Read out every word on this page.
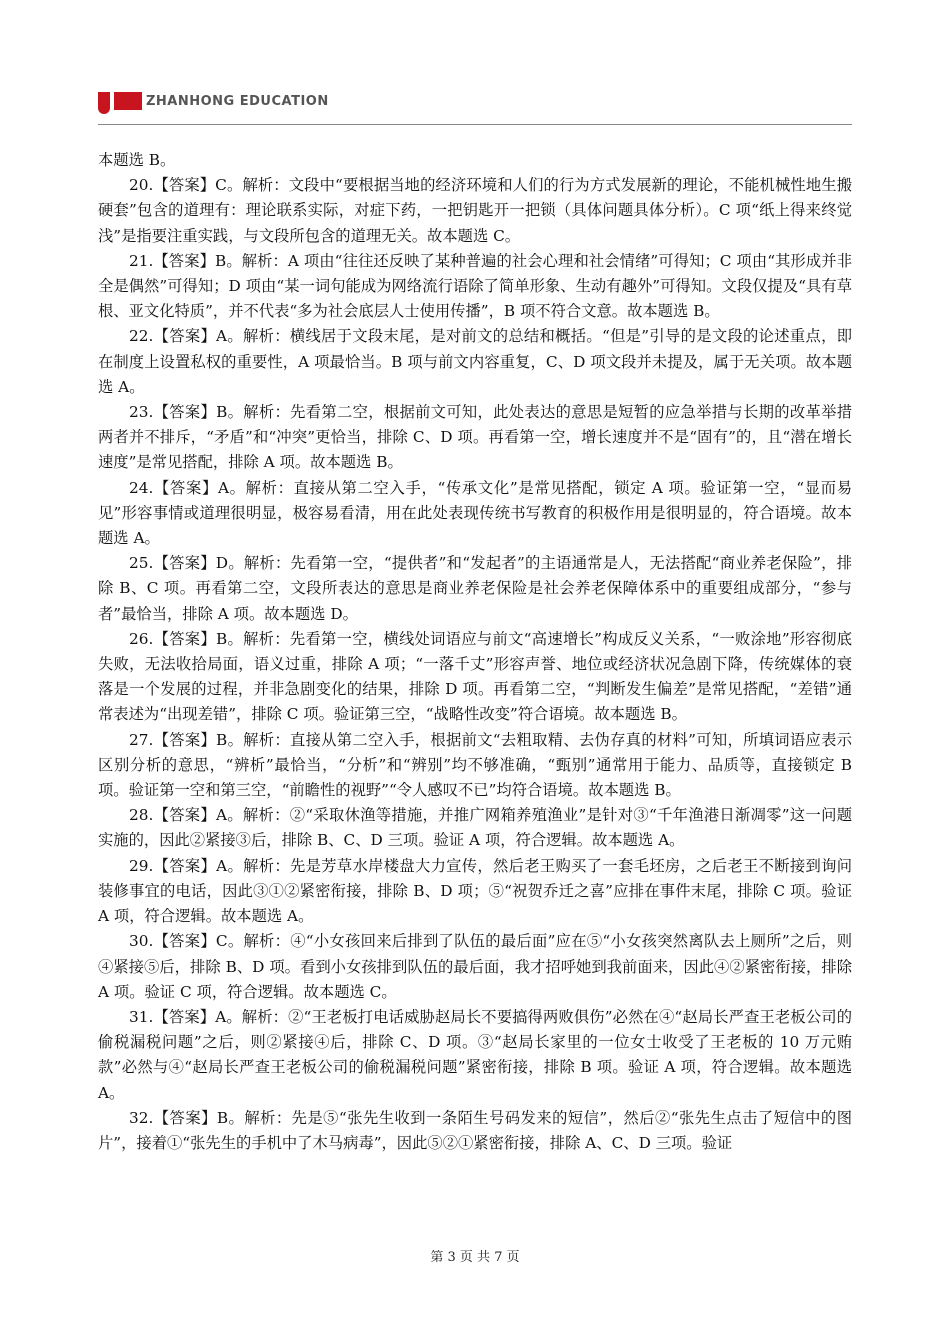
ZHANHONG EDUCATION

本题选 B。

20.【答案】C。解析：文段中“要根据当地的经济环境和人们的行为方式发展新的理论，不能机械性地生搬硬套”包含的道理有：理论联系实际，对症下药，一把钥匙开一把锁（具体问题具体分析）。C 项“纸上得来终觉浅”是指要注重实践，与文段所包含的道理无关。故本题选 C。

21.【答案】B。解析：A 项由“往往还反映了某种普遍的社会心理和社会情绪”可得知；C 项由“其形成并非全是偶然”可得知；D 项由“某一词句能成为网络流行语除了简单形象、生动有趣外”可得知。文段仅提及“具有草根、亚文化特质”，并不代表“多为社会底层人士使用传播”，B 项不符合文意。故本题选 B。

22.【答案】A。解析：横线居于文段末尾，是对前文的总结和概括。“但是”引导的是文段的论述重点，即在制度上设置私权的重要性，A 项最恰当。B 项与前文内容重复，C、D 项文段并未提及，属于无关项。故本题选 A。

23.【答案】B。解析：先看第二空，根据前文可知，此处表达的意思是短暂的应急举措与长期的改革举措两者并不排斥，“矛盾”和“冲突”更恰当，排除 C、D 项。再看第一空，增长速度并不是“固有”的，且“潜在增长速度”是常见搭配，排除 A 项。故本题选 B。

24.【答案】A。解析：直接从第二空入手，“传承文化”是常见搭配，锁定 A 项。验证第一空，“显而易见”形容事情或道理很明显，极容易看清，用在此处表现传统书写教育的积极作用是很明显的，符合语境。故本题选 A。

25.【答案】D。解析：先看第一空，“提供者”和“发起者”的主语通常是人，无法搭配“商业养老保险”，排除 B、C 项。再看第二空，文段所表达的意思是商业养老保险是社会养老保障体系中的重要组成部分，“参与者”最恰当，排除 A 项。故本题选 D。

26.【答案】B。解析：先看第一空，横线处词语应与前文“高速增长”构成反义关系，“一败涂地”形容彻底失败，无法收拾局面，语义过重，排除 A 项；“一落千丈”形容声誉、地位或经济状况急剧下降，传统媒体的衰落是一个发展的过程，并非急剧变化的结果，排除 D 项。再看第二空，“判断发生偏差”是常见搭配，“差错”通常表述为“出现差错”，排除 C 项。验证第三空，“战略性改变”符合语境。故本题选 B。

27.【答案】B。解析：直接从第二空入手，根据前文“去粗取精、去伪存真的材料”可知，所填词语应表示区别分析的意思，“辨析”最恰当，“分析”和“辨别”均不够准确，“甄别”通常用于能力、品质等，直接锁定 B 项。验证第一空和第三空，“前瞻性的视野”“令人感叹不已”均符合语境。故本题选 B。

28.【答案】A。解析：②“采取休渔等措施，并推广网箱养殖渔业”是针对③“千年渔港日渐凋零”这一问题实施的，因此②紧接③后，排除 B、C、D 三项。验证 A 项，符合逻辑。故本题选 A。

29.【答案】A。解析：先是芳草水岸楼盘大力宣传，然后老王购买了一套毛坯房，之后老王不断接到询问装修事宜的电话，因此③①②紧密衔接，排除 B、D 项；⑤“祝贺乔迁之喜”应排在事件末尾，排除 C 项。验证 A 项，符合逻辑。故本题选 A。

30.【答案】C。解析：④“小女孩回来后排到了队伍的最后面”应在⑤“小女孩突然离队去上厕所”之后，则④紧接⑤后，排除 B、D 项。看到小女孩排到队伍的最后面，我才招呼她到我前面来，因此④②紧密衔接，排除 A 项。验证 C 项，符合逻辑。故本题选 C。

31.【答案】A。解析：②“王老板打电话威胁赵局长不要搞得两败俱伤”必然在④“赵局长严查王老板公司的偷税漏税问题”之后，则②紧接④后，排除 C、D 项。③“赵局长家里的一位女士收受了王老板的 10 万元贿款”必然与④“赵局长严查王老板公司的偷税漏税问题”紧密衔接，排除 B 项。验证 A 项，符合逻辑。故本题选 A。

32.【答案】B。解析：先是⑤“张先生收到一条陌生号码发来的短信”，然后②“张先生点击了短信中的图片”，接着①“张先生的手机中了木马病毒”，因此⑤②①紧密衔接，排除 A、C、D 三项。验证

第 3 页 共 7 页
